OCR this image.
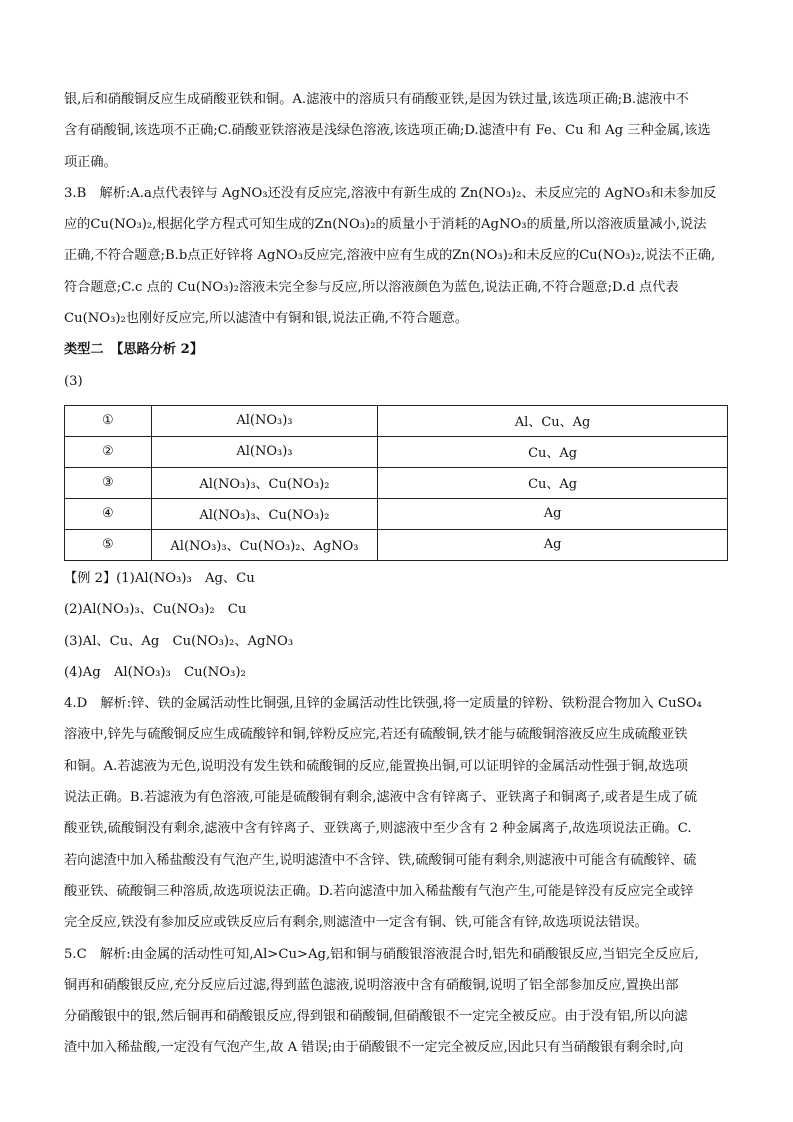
银,后和硝酸铜反应生成硝酸亚铁和铜。A.滤液中的溶质只有硝酸亚铁,是因为铁过量,该选项正确;B.滤液中不

含有硝酸铜,该选项不正确;C.硝酸亚铁溶液是浅绿色溶液,该选项正确;D.滤渣中有 Fe、Cu 和 Ag 三种金属,该选

项正确。

3.B　解析:A.a点代表锌与 AgNO₃还没有反应完,溶液中有新生成的 Zn(NO₃)₂、未反应完的 AgNO₃和未参加反

应的Cu(NO₃)₂,根据化学方程式可知生成的Zn(NO₃)₂的质量小于消耗的AgNO₃的质量,所以溶液质量减小,说法

正确,不符合题意;B.b点正好锌将 AgNO₃反应完,溶液中应有生成的Zn(NO₃)₂和未反应的Cu(NO₃)₂,说法不正确,

符合题意;C.c 点的 Cu(NO₃)₂溶液未完全参与反应,所以溶液颜色为蓝色,说法正确,不符合题意;D.d 点代表

Cu(NO₃)₂也刚好反应完,所以滤渣中有铜和银,说法正确,不符合题意。

类型二　【思路分析 2】

(3)

①	Al(NO₃)₃	Al、Cu、Ag
②	Al(NO₃)₃	Cu、Ag
③	Al(NO₃)₃、Cu(NO₃)₂	Cu、Ag
④	Al(NO₃)₃、Cu(NO₃)₂	Ag
⑤	Al(NO₃)₃、Cu(NO₃)₂、AgNO₃	Ag

【例 2】(1)Al(NO₃)₃　Ag、Cu

(2)Al(NO₃)₃、Cu(NO₃)₂　Cu

(3)Al、Cu、Ag　Cu(NO₃)₂、AgNO₃

(4)Ag　Al(NO₃)₃　Cu(NO₃)₂

4.D　解析:锌、铁的金属活动性比铜强,且锌的金属活动性比铁强,将一定质量的锌粉、铁粉混合物加入 CuSO₄

溶液中,锌先与硫酸铜反应生成硫酸锌和铜,锌粉反应完,若还有硫酸铜,铁才能与硫酸铜溶液反应生成硫酸亚铁

和铜。A.若滤液为无色,说明没有发生铁和硫酸铜的反应,能置换出铜,可以证明锌的金属活动性强于铜,故选项

说法正确。B.若滤液为有色溶液,可能是硫酸铜有剩余,滤液中含有锌离子、亚铁离子和铜离子,或者是生成了硫

酸亚铁,硫酸铜没有剩余,滤液中含有锌离子、亚铁离子,则滤液中至少含有 2 种金属离子,故选项说法正确。C.

若向滤渣中加入稀盐酸没有气泡产生,说明滤渣中不含锌、铁,硫酸铜可能有剩余,则滤液中可能含有硫酸锌、硫

酸亚铁、硫酸铜三种溶质,故选项说法正确。D.若向滤渣中加入稀盐酸有气泡产生,可能是锌没有反应完全或锌

完全反应,铁没有参加反应或铁反应后有剩余,则滤渣中一定含有铜、铁,可能含有锌,故选项说法错误。

5.C　解析:由金属的活动性可知,Al>Cu>Ag,铝和铜与硝酸银溶液混合时,铝先和硝酸银反应,当铝完全反应后,

铜再和硝酸银反应,充分反应后过滤,得到蓝色滤液,说明溶液中含有硝酸铜,说明了铝全部参加反应,置换出部

分硝酸银中的银,然后铜再和硝酸银反应,得到银和硝酸铜,但硝酸银不一定完全被反应。由于没有铝,所以向滤

渣中加入稀盐酸,一定没有气泡产生,故 A 错误;由于硝酸银不一定完全被反应,因此只有当硝酸银有剩余时,向
